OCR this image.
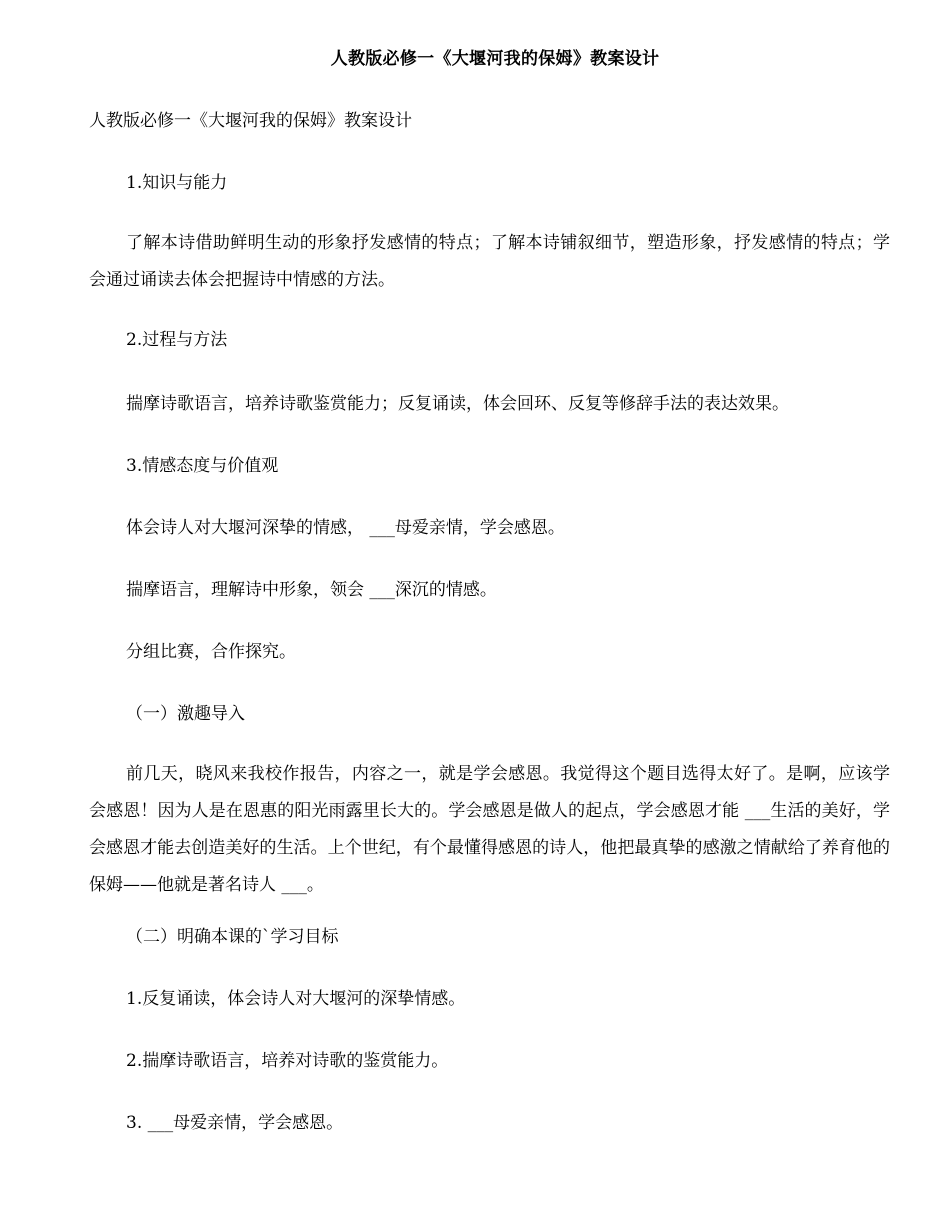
人教版必修一《大堰河我的保姆》教案设计
人教版必修一《大堰河我的保姆》教案设计
1.知识与能力
了解本诗借助鲜明生动的形象抒发感情的特点；了解本诗铺叙细节，塑造形象，抒发感情的特点；学会通过诵读去体会把握诗中情感的方法。
2.过程与方法
揣摩诗歌语言，培养诗歌鉴赏能力；反复诵读，体会回环、反复等修辞手法的表达效果。
3.情感态度与价值观
体会诗人对大堰河深挚的情感， ___母爱亲情，学会感恩。
揣摩语言，理解诗中形象，领会 ___深沉的情感。
分组比赛，合作探究。
（一）激趣导入
前几天，晓风来我校作报告，内容之一，就是学会感恩。我觉得这个题目选得太好了。是啊，应该学会感恩！因为人是在恩惠的阳光雨露里长大的。学会感恩是做人的起点，学会感恩才能 ___生活的美好，学会感恩才能去创造美好的生活。上个世纪，有个最懂得感恩的诗人，他把最真挚的感激之情献给了养育他的保姆——他就是著名诗人 ___。
（二）明确本课的`学习目标
1.反复诵读，体会诗人对大堰河的深挚情感。
2.揣摩诗歌语言，培养对诗歌的鉴赏能力。
3. ___母爱亲情，学会感恩。
